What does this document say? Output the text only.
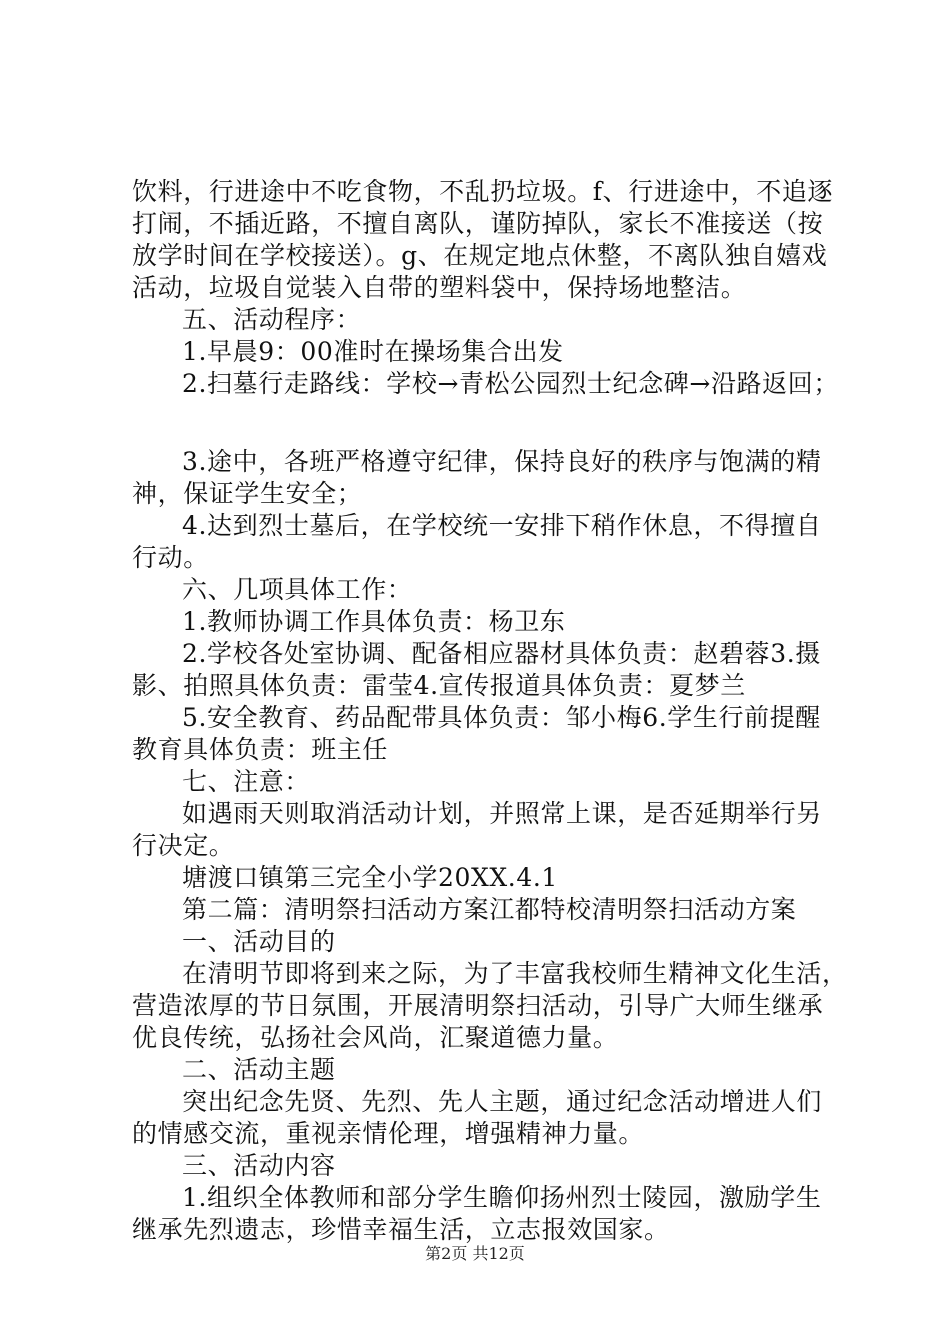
饮料，行进途中不吃食物，不乱扔垃圾。f、行进途中，不追逐
打闹，不插近路，不擅自离队，谨防掉队，家长不准接送（按
放学时间在学校接送）。g、在规定地点休整，不离队独自嬉戏
活动，垃圾自觉装入自带的塑料袋中，保持场地整洁。
五、活动程序：
1.早晨9：00准时在操场集合出发
2.扫墓行走路线：学校→青松公园烈士纪念碑→沿路返回；
3.途中，各班严格遵守纪律，保持良好的秩序与饱满的精
神，保证学生安全；
4.达到烈士墓后，在学校统一安排下稍作休息，不得擅自
行动。
六、几项具体工作：
1.教师协调工作具体负责：杨卫东
2.学校各处室协调、配备相应器材具体负责：赵碧蓉3.摄
影、拍照具体负责：雷莹4.宣传报道具体负责：夏梦兰
5.安全教育、药品配带具体负责：邹小梅6.学生行前提醒
教育具体负责：班主任
七、注意：
如遇雨天则取消活动计划，并照常上课，是否延期举行另
行决定。
塘渡口镇第三完全小学20XX.4.1
第二篇：清明祭扫活动方案江都特校清明祭扫活动方案
一、活动目的
在清明节即将到来之际，为了丰富我校师生精神文化生活，
营造浓厚的节日氛围，开展清明祭扫活动，引导广大师生继承
优良传统，弘扬社会风尚，汇聚道德力量。
二、活动主题
突出纪念先贤、先烈、先人主题，通过纪念活动增进人们
的情感交流，重视亲情伦理，增强精神力量。
三、活动内容
1.组织全体教师和部分学生瞻仰扬州烈士陵园，激励学生
继承先烈遗志，珍惜幸福生活，立志报效国家。
第2页 共12页
